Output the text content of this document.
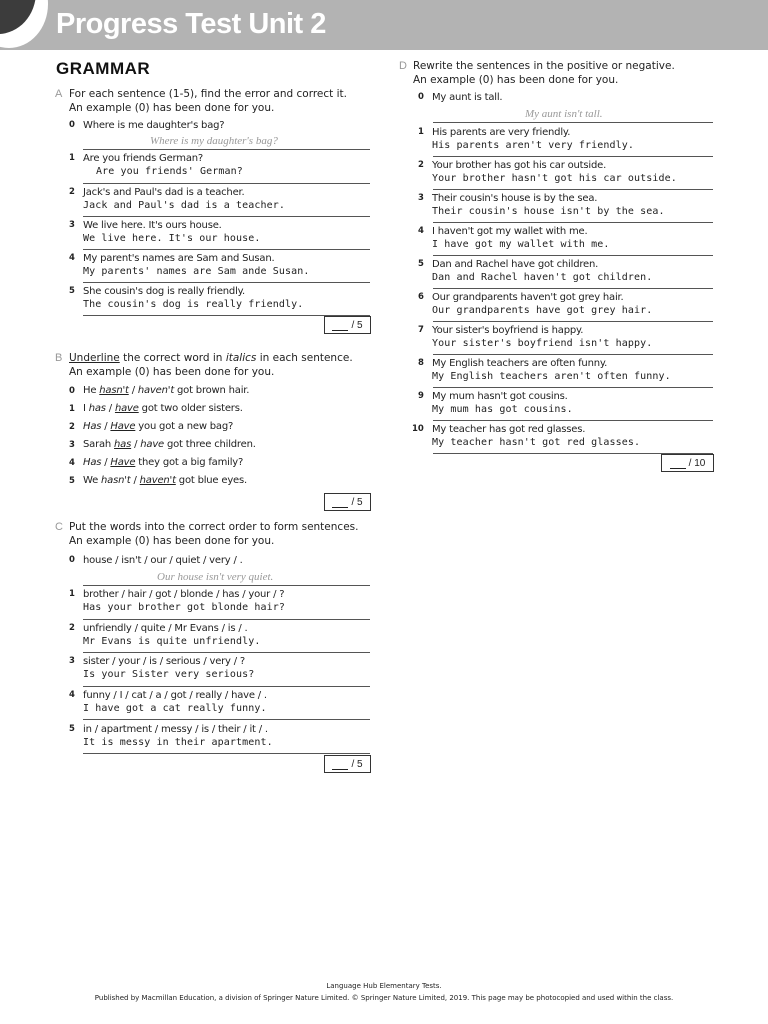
Progress Test Unit 2
GRAMMAR
A For each sentence (1-5), find the error and correct it.
An example (0) has been done for you.
0 Where is me daughter's bag?
Where is my daughter's bag?
1 Are you friends German?
Are you friends' German?
2 Jack's and Paul's dad is a teacher.
Jack and Paul's dad is a teacher.
3 We live here. It's ours house.
We live here. It's our house.
4 My parent's names are Sam and Susan.
My parents' names are Sam ande Susan.
5 She cousin's dog is really friendly.
The cousin's dog is really friendly.
/ 5
B Underline the correct word in italics in each sentence.
An example (0) has been done for you.
0 He hasn't / haven't got brown hair.
1 I has / have got two older sisters.
2 Has / Have you got a new bag?
3 Sarah has / have got three children.
4 Has / Have they got a big family?
5 We hasn't / haven't got blue eyes.
/ 5
C Put the words into the correct order to form sentences.
An example (0) has been done for you.
0 house / isn't / our / quiet / very / .
Our house isn't very quiet.
1 brother / hair / got / blonde / has / your / ?
Has your brother got blonde hair?
2 unfriendly / quite / Mr Evans / is / .
Mr Evans is quite unfriendly.
3 sister / your / is / serious / very / ?
Is your Sister very serious?
4 funny / I / cat / a / got / really / have / .
I have got a cat really funny.
5 in / apartment / messy / is / their / it / .
It is messy in their apartment.
/ 5
D Rewrite the sentences in the positive or negative.
An example (0) has been done for you.
0 My aunt is tall.
My aunt isn't tall.
1 His parents are very friendly.
His parents aren't very friendly.
2 Your brother has got his car outside.
Your brother hasn't got his car outside.
3 Their cousin's house is by the sea.
Their cousin's house isn't by the sea.
4 I haven't got my wallet with me.
I have got my wallet with me.
5 Dan and Rachel have got children.
Dan and Rachel haven't got children.
6 Our grandparents haven't got grey hair.
Our grandparents have got grey hair.
7 Your sister's boyfriend is happy.
Your sister's boyfriend isn't happy.
8 My English teachers are often funny.
My English teachers aren't often funny.
9 My mum hasn't got cousins.
My mum has got cousins.
10 My teacher has got red glasses.
My teacher hasn't got red glasses.
/ 10
Language Hub Elementary Tests.
Published by Macmillan Education, a division of Springer Nature Limited. © Springer Nature Limited, 2019. This page may be photocopied and used within the class.
